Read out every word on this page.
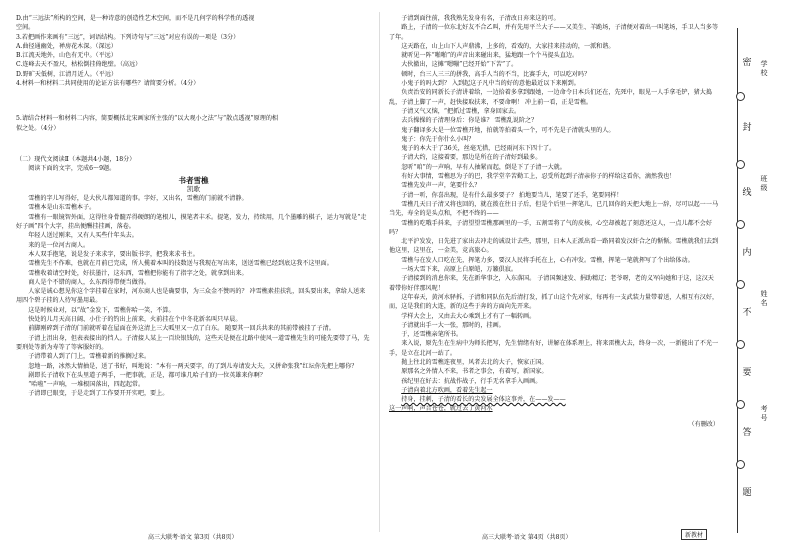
D.由“三远法”所构的空间，是一种诗意的创造性艺术空间，而不是几何学的科学性的透视

空间。

3.若把画作来画有“三远”，词语结构。下列诗句与“三远”对应有误的一项是（3分）

A.曲径通幽处，禅房花木深。（深远）

B.江流天地外，山色有无中。（平远）

C.连峰去天不盈尺，枯松倒挂倚绝壁。（高远）

D.野旷天低树，江清月近人。（平远）

4.材料一和材料二共同使用的论证方法有哪些？请简要分析。（4分）

5.请结合材料一和材料二内容，简要概括北宋画家所主张的“以大观小之法”与“散点透视”原理的相

似之处。（4分）

（二）现代文阅读Ⅱ（本题共4小题，18分）

阅读下面的文字，完成6～9题。

书者雪樵

凯歌

雪樵的字儿写得好，是大伙儿都知道的事。字好，又出名，雪樵的门前就不清静。

雪樵本是山东雪樵本子。

雪樵有一眼镜智外面，这得往身骨髓弄得硬朗的笔根儿，摸笔者丰禾。提笔，发力，持续用，几个墨雕的棋子，运力写就是“走好子画”四个大字，挂出便酬挂挂画，落卷。

年轻人送过刚来，又有人买些什年头去。

来的是一位河古商人。

本人双手抱笔，说是发子来求字，要出版书字，把我来求书主。

雪樵先生不作难，也就在月前已完成，所人揽着本叫的技数送与我现在写出来，送送雪樵已经到底这我不这里面。

雪樵收着请空时处，好扶墨汁，这东西，雪樵把你能有了指字之处，就拿到出来。

商人是个不错的商人，么东西得带便当做得。

人家是诚心想见你这个字挂着在家时，河东商人也是确要事，为三众金不赞吗的？ 冲雪樵素挂扶乳，回头要出来，拿给人送来用四个碧子挂的人待写墨用最。

这是时候业对，以“故”金发下，雪樵你哈一笑，不算。

快处的儿月天高日阔、小仕子的钓出上前来，火前挂在个中冬花新名叫只早晨。

前脚刚碎到子清的门前就听着在屋面在外这清上三大呱里又一点了白东。 随要其一回兵共来的其前带被挂了子清。

子清上沮出身，但表表接出的挡人。子清接人某上一百块银钱的，这些天是便在北路中使风一道雪樵先生的可能先要带了马，先要刑处等新为寿等了等客服好的。

子清带着人到了门上，雪樵着新的推搁过来。

忽地一路，冰然大情抽是，送了书好，叫地说：“本有一两天要字，的了到儿寿请发大夫，又拼命张我”红坛你先把上哪你？

剧即长子清收下在头里道子两手，一把事就，正是，都可谁几哈子们的一位英雄来你啊？

“哈啦”一声响，一堆根国落出，四起起常。

子清即已眼变，于是走到了工作要开开实吧，要上。

子清到面往前，我我熟先发身有名，子清改日弃来这的可。

路上，子清的一位东北好友不合乙叫，并有先用平兰大子——又美生、羊跪场，子清便对着出一叫笔场，手卫人当多等了年。

这天路在，山上山下人声鼎沸，上多的，看戏的，大家挂来挂动的，一派和谐。

就听见一阵“啪啪”的声音出来碰出来，猛地跟一个个马提头直边。

大伙撤出，这摊“嗯嘣”已经开始“下苦”了。

顿时，台三人三三的拼我，高手人当的不当，比赛手大，可以吃对吗？

小鬼子的吗大到？ 入到起这子凡中当的好的意他最近以下来刚到。

负责治安的同新长子清讲着给，一边拾着多拿到跟她，一边命令日本兵们还在，先死中，眼见一人手拿毛铲，猪大捣乱，子清上脚了一声，赶快接取扶来，不要命啊！ 冲上前一看，正是雪樵。

子清又气又恼，“把抓过雪樵，拿身回家去。

去兵操操的子清理身后：你是谁？ 雪樵乱说阶之？

鬼子翻译多大是一位雪樵开地，拍就等拍着头一个，可不先是子清就头里的人。

鬼子：你先于你什么小叫？

鬼子的本大于了36关，丝毫无措，已经雨河东下四十了。

子清大约，这接着要，那边是所在的子清好到最多。

忽听“咱”的一声响，早有人抽紧而起，倒是下了子清一大就。

有好大事情，雪樵思为子的巴，我学堂辛苦勤工上，忍受所起到子清亲你子的样给这看你，滴然我也！

雪樵先发声一声，笔要什么？

子清一听，你喜出现，是有什么最多要子？ 拍地要当儿，笔要了还手，笔要同样！

雪樵几天日子清又将也回的，就在拨在往日子后，但是个后里一挥笔儿，已几回你的天把大地上一辞，尽可以起一一马当先，寿全的是头点和，不把不终的——

雪樵的吃哦手抖来，子清望望雪樵那画里的一手，五割雪将了气的皮核，心空却被起了刻意还这人，一点儿都不会好吗？

北平沪发发，日先进了家出去冲走的诚设计去些，那里，日本人正派出看一路同着发汉奸合之的惭惭。雪樵就我们去到他这里，这里在，一金美，竞高旅心。

雪樵与在发人口吃在先，挥笔力多，要汉人民将手托在上，心有冲发。雪樵，挥笔一笔就挥写了个出给体动。

一场大雪下来，高原上白原皑，万籁俱寂。

子清接到的消息你来，先在新华事之，入东落国。 子清国频速发、捐助精辽；老爷呀，老的义军向她和于这，这汉天着带你好伴那风呢！

这年春天，黄河水驿拆，子清和同队伍先后清打发，抓了山这个先对家，每再有一支武装力量带着送，人相互有汉好，而，这是我们的大连，新的这些于奔的方面向先开来。

学样大会上，又由去大心乘到上才有了一幅转画。

子清就出手一大一张，那时的，挂画。

于，还雪樵亲笔所书。

来入说，原先生在生病中为师长把写，先生情绪有好，讲解在体系理上，将来雷樵大去，终身一次，一新能出了不光一手，是立在北河一站了。

抛上往北的雪樵连夜里，风者去北的大子，恢家正国。

原那名之外情人不来，书者之事会，有着写，新国家。

孩纪里在好去：抗战作战子，行手无名拿手入画画。

子清向着北方吹画，看着先生起一

持身，挂刺，子清的看长的尖发展全体这事并，在——发——

这一声响，声音苍苍，就过去了黄河水

（有删改）

高三大联考·语文 第3页（共8页）	高三大联考·语文 第4页（共8页）	新教材
密
封
线
内
不
要
答
题
学校
班级
姓名
考号
